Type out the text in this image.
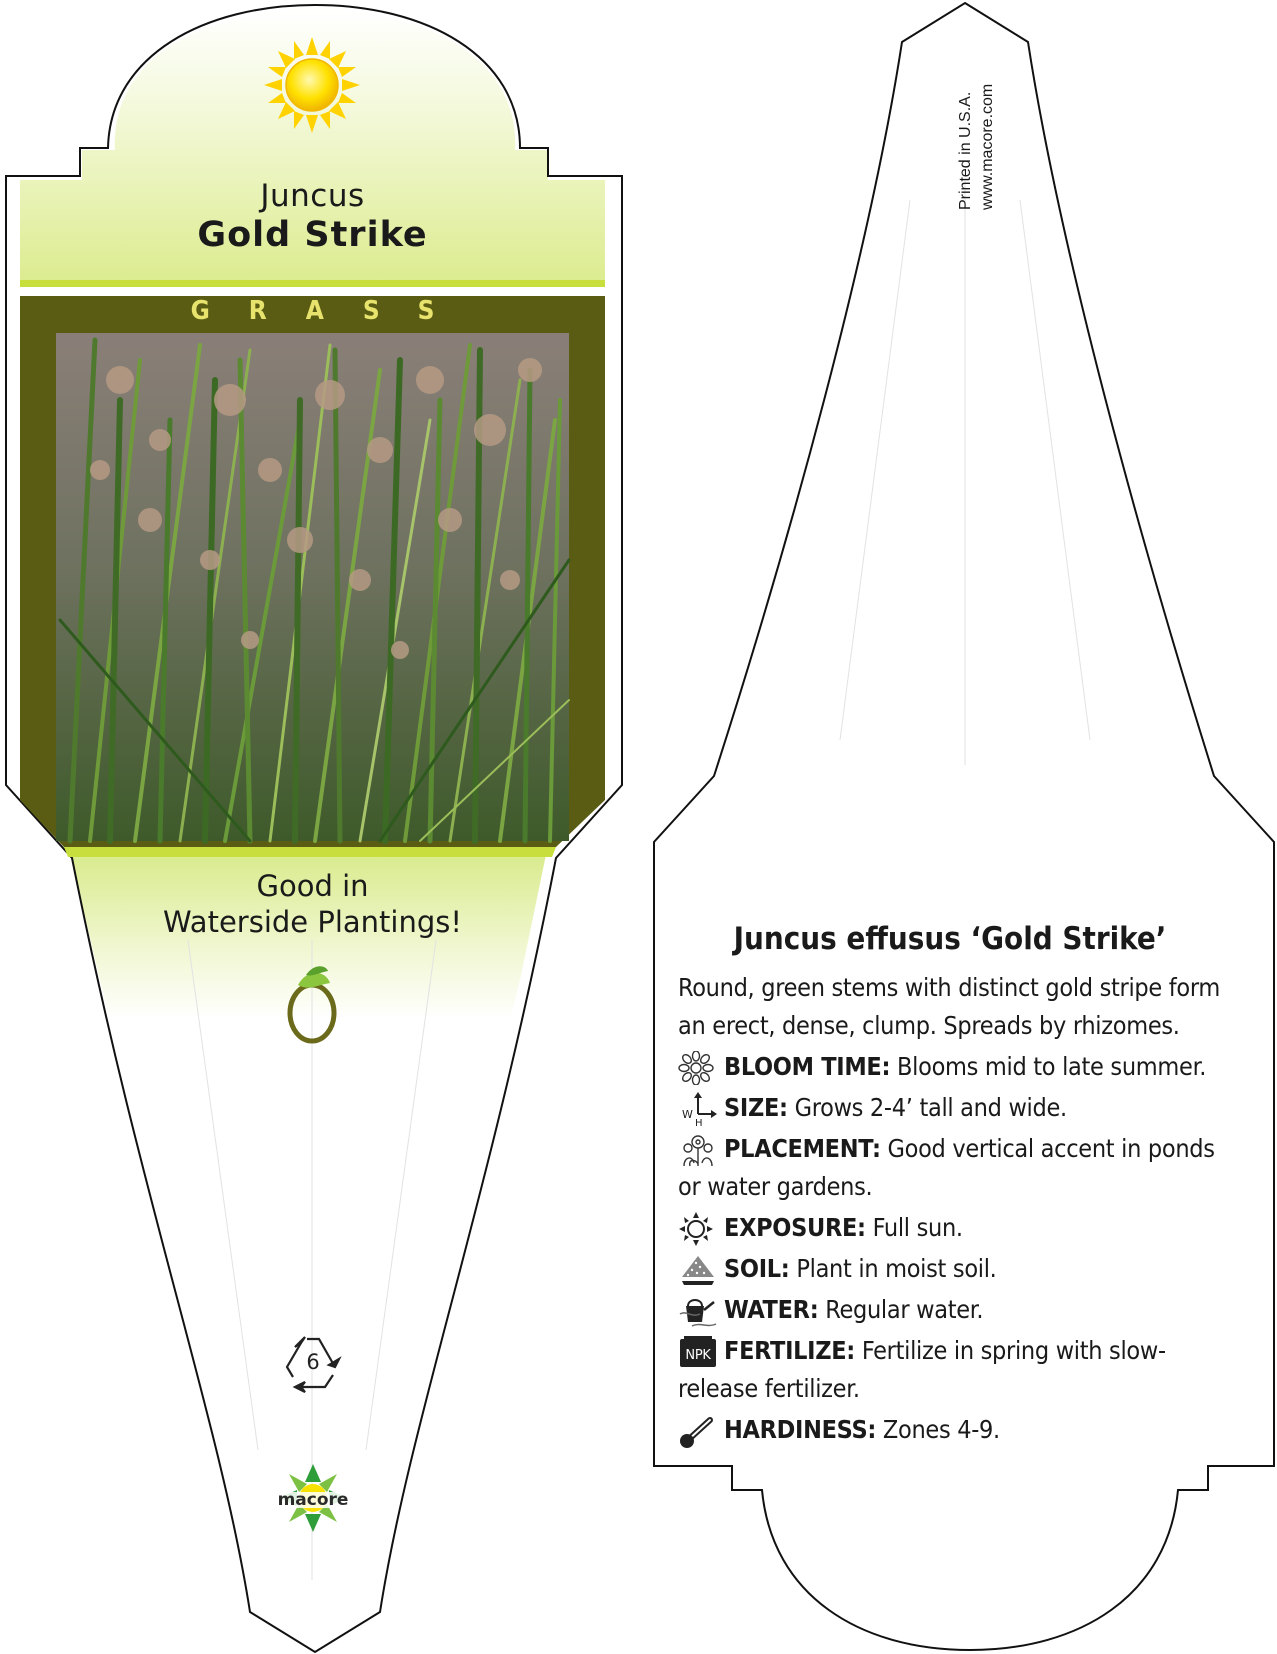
Juncus
Gold Strike
GRASS
Good in
Waterside Plantings!
6
macore
Printed in U.S.A. www.macore.com
Juncus effusus ‘Gold Strike’

Round, green stems with distinct gold stripe form an erect, dense, clump. Spreads by rhizomes.

BLOOM TIME: Blooms mid to late summer.
W
H
SIZE: Grows 2-4’ tall and wide.
PLACEMENT: Good vertical accent in ponds or water gardens.
EXPOSURE: Full sun.
SOIL: Plant in moist soil.
WATER: Regular water.
NPK FERTILIZE: Fertilize in spring with slow-release fertilizer.
HARDINESS: Zones 4-9.
